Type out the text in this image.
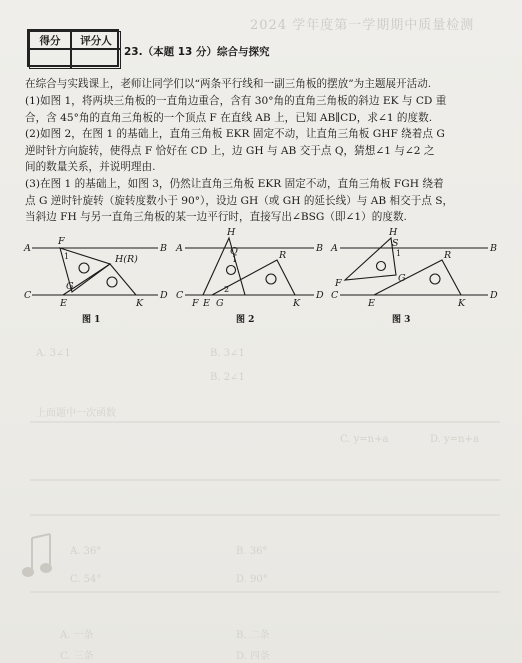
2024 学年度第一学期期中质量检测
得分	评分人
23.（本题 13 分）综合与探究
在综合与实践课上，老师让同学们以“两条平行线和一副三角板的摆放”为主题展开活动.
(1)如图 1，将两块三角板的一直角边重合，含有 30°角的直角三角板的斜边 EK 与 CD 重
合，含 45°角的直角三角板的一个顶点 F 在直线 AB 上，已知 AB∥CD，求∠1 的度数.
(2)如图 2，在图 1 的基础上，直角三角板 EKR 固定不动，让直角三角板 GHF 绕着点 G
逆时针方向旋转，使得点 F 恰好在 CD 上，边 GH 与 AB 交于点 Q，猜想∠1 与∠2 之
间的数量关系，并说明理由.
(3)在图 1 的基础上，如图 3，仍然让直角三角板 EKR 固定不动，直角三角板 FGH 绕着
点 G 逆时针旋转（旋转度数小于 90°），设边 GH（或 GH 的延长线）与 AB 相交于点 S，
当斜边 FH 与另一直角三角板的某一边平行时，直接写出∠BSG（即∠1）的度数.
A	B
C	D
F
H(R)
G
E	K
1
图 1
A	B
C	D
H
Q	R
F E G	K
1
2
图 2
A	B
C	D
H
S
R
F	G
E	K
1
图 3
A. 3∠1	B. 3∠1
B. 2∠1
上面题中一次函数
C. y=n+a	D. y=n+a
A. 36°	B. 36°
C. 54°	D. 90°
A. 一条	B. 二条
C. 三条	D. 四条
